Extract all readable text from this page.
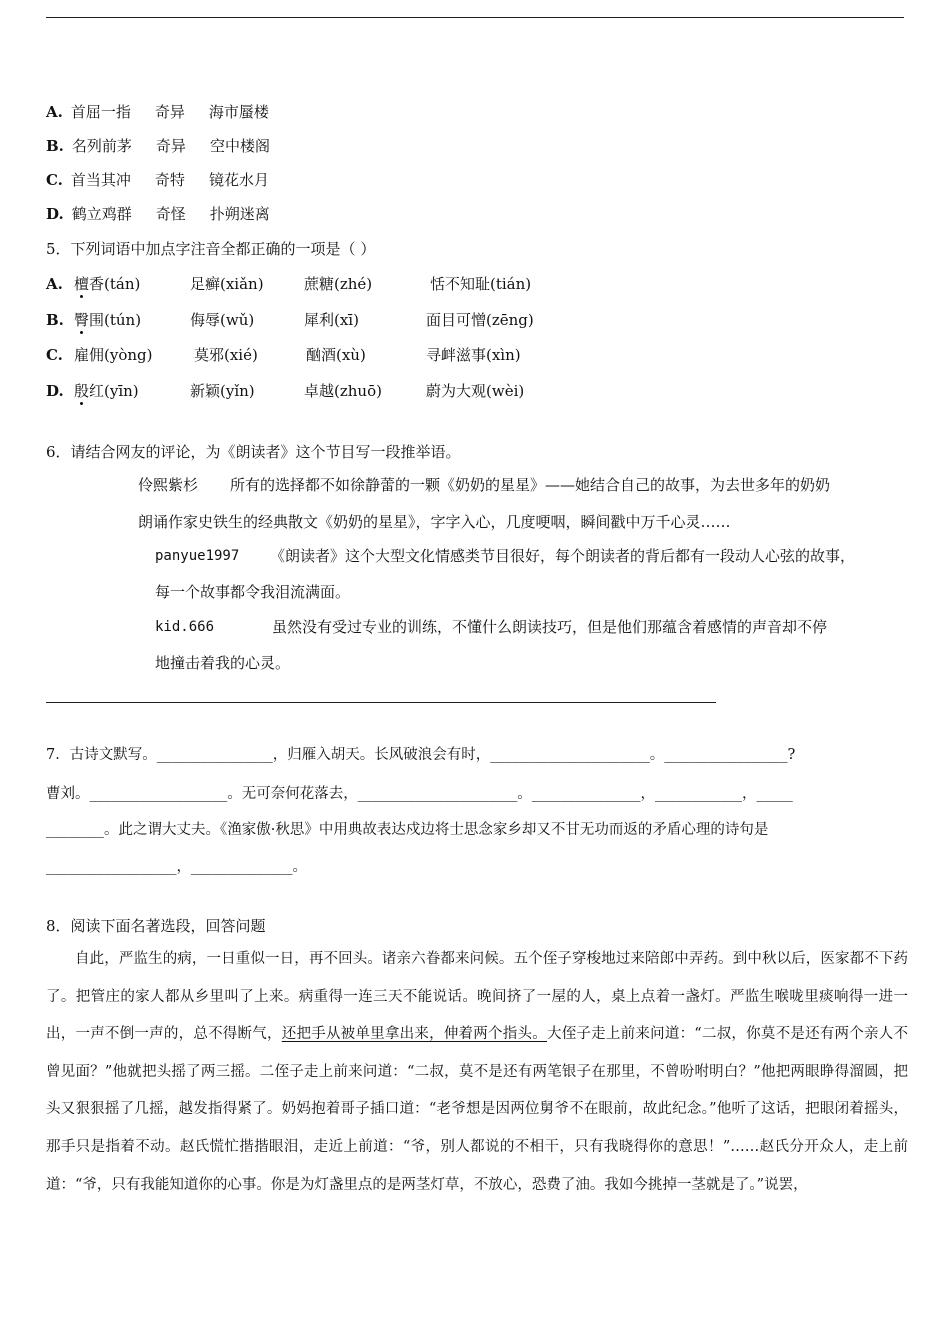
A. 首屈一指 奇异 海市蜃楼
B. 名列前茅 奇异 空中楼阁
C. 首当其冲 奇特 镜花水月
D. 鹤立鸡群 奇怪 扑朔迷离
5．下列词语中加点字注音全都正确的一项是（ ）
A. 檀香(tán)	足癣(xiǎn)	蔗糖(zhé)	恬不知耻(tián)
B. 臀围(tún)	侮辱(wǔ)	犀利(xī)	面目可憎(zēng)
C. 雇佣(yòng)	莫邪(xié)	酗酒(xù)	寻衅滋事(xìn)
D. 殷红(yīn)	新颖(yǐn)	卓越(zhuō)	蔚为大观(wèi)
6．请结合网友的评论，为《朗读者》这个节目写一段推举语。
伶熙紫杉 所有的选择都不如徐静蕾的一颗《奶奶的星星》——她结合自己的故事，为去世多年的奶奶
朗诵作家史铁生的经典散文《奶奶的星星》，字字入心，几度哽咽，瞬间戳中万千心灵……
panyue1997 《朗读者》这个大型文化情感类节目很好，每个朗读者的背后都有一段动人心弦的故事，
每一个故事都令我泪流满面。
kid.666	虽然没有受过专业的训练，不懂什么朗读技巧，但是他们那蕴含着感情的声音却不停
地撞击着我的心灵。
7．古诗文默写。________________，归雁入胡天。长风破浪会有时，______________________。_________________?
曹刘。___________________。无可奈何花落去，______________________。_______________，____________，_____
________。此之谓大丈夫。《渔家傲·秋思》中用典故表达戍边将士思念家乡却又不甘无功而返的矛盾心理的诗句是
__________________，______________。
8．阅读下面名著选段，回答问题

自此，严监生的病，一日重似一日，再不回头。诸亲六眷都来问候。五个侄子穿梭地过来陪郎中弄药。到中秋以后，医家都不下药了。把管庄的家人都从乡里叫了上来。病重得一连三天不能说话。晚间挤了一屋的人，桌上点着一盏灯。严监生喉咙里痰响得一进一出，一声不倒一声的，总不得断气，还把手从被单里拿出来，伸着两个指头。大侄子走上前来问道：“二叔，你莫不是还有两个亲人不曾见面？”他就把头摇了两三摇。二侄子走上前来问道：“二叔，莫不是还有两笔银子在那里，不曾吩咐明白？”他把两眼睁得溜圆，把头又狠狠摇了几摇，越发指得紧了。奶妈抱着哥子插口道：“老爷想是因两位舅爷不在眼前，故此纪念。”他听了这话，把眼闭着摇头，那手只是指着不动。赵氏慌忙揩揩眼泪，走近上前道：“爷，别人都说的不相干，只有我晓得你的意思！”……赵氏分开众人，走上前道：“爷，只有我能知道你的心事。你是为灯盏里点的是两茎灯草，不放心，恐费了油。我如今挑掉一茎就是了。”说罢，
